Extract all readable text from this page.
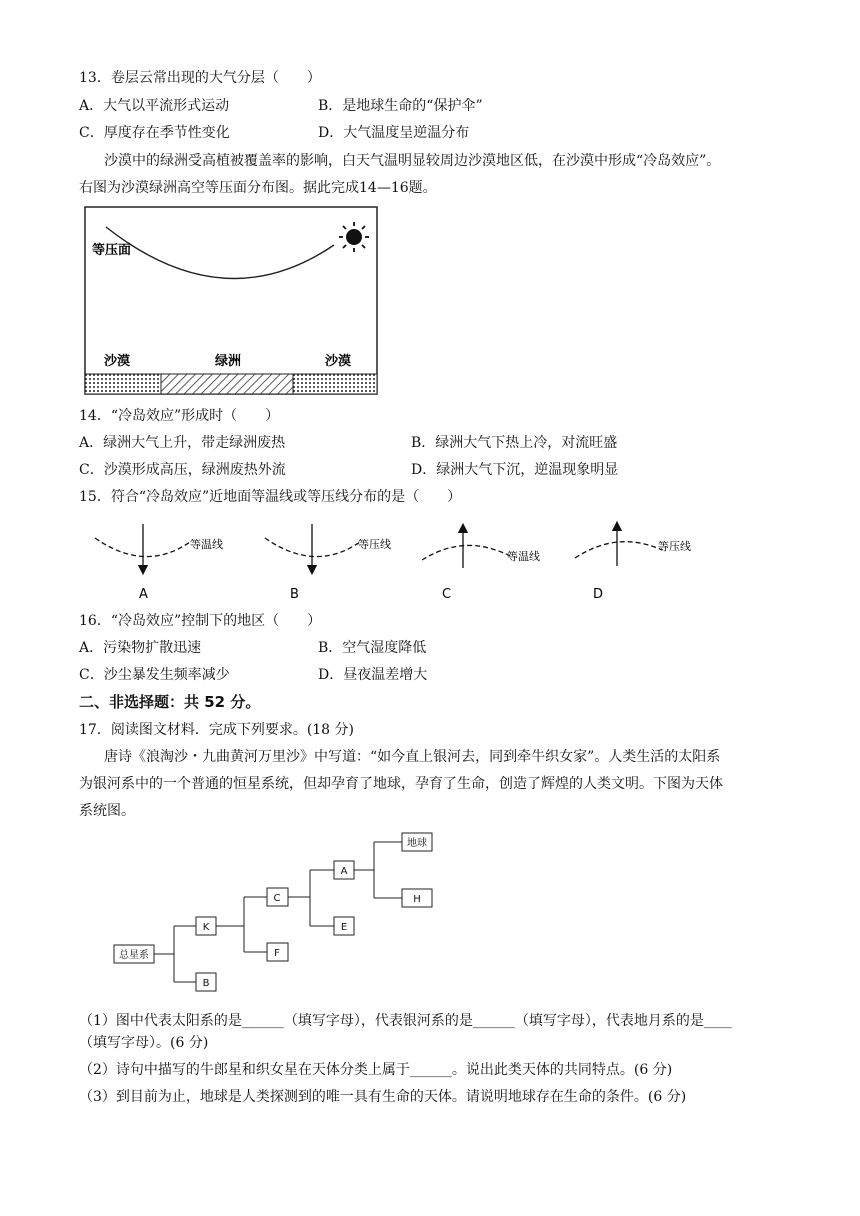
13．卷层云常出现的大气分层（　　）
A．大气以平流形式运动	B．是地球生命的“保护伞”
C．厚度存在季节性变化	D．大气温度呈逆温分布
沙漠中的绿洲受高植被覆盖率的影响，白天气温明显较周边沙漠地区低，在沙漠中形成“冷岛效应”。
右图为沙漠绿洲高空等压面分布图。据此完成14—16题。
等压面
沙漠	绿洲	沙漠
14．“冷岛效应”形成时（　　）
A．绿洲大气上升，带走绿洲废热	B．绿洲大气下热上冷，对流旺盛
C．沙漠形成高压，绿洲废热外流	D．绿洲大气下沉，逆温现象明显
15．符合“冷岛效应”近地面等温线或等压线分布的是（　　）
等温线
A
等压线
B
等温线
C
等压线
D
16．“冷岛效应”控制下的地区（　　）
A．污染物扩散迅速	B．空气湿度降低
C．沙尘暴发生频率减少	D．昼夜温差增大
二、非选择题：共 52 分。
17．阅读图文材料．完成下列要求。(18 分)
唐诗《浪淘沙・九曲黄河万里沙》中写道：“如今直上银河去，同到牵牛织女家”。人类生活的太阳系
为银河系中的一个普通的恒星系统，但却孕育了地球，孕育了生命，创造了辉煌的人类文明。下图为天体
系统图。
总星系
K
B
C
F
A
E
地球
H
（1）图中代表太阳系的是______（填写字母），代表银河系的是______（填写字母），代表地月系的是____
（填写字母）。(6 分)
（2）诗句中描写的牛郎星和织女星在天体分类上属于______。说出此类天体的共同特点。(6 分)
（3）到目前为止，地球是人类探测到的唯一具有生命的天体。请说明地球存在生命的条件。(6 分)
